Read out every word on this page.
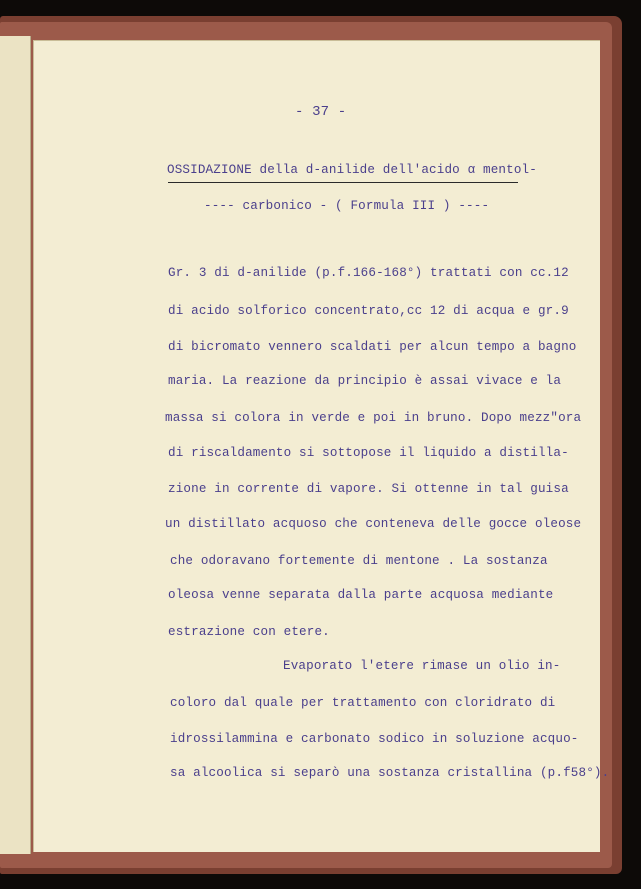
- 37 -
OSSIDAZIONE della d-anilide dell'acido α mentol-
---- carbonico - ( Formula III ) ----
Gr. 3 di d-anilide (p.f.166-168°) trattati con cc.12
di acido solforico concentrato,cc 12 di acqua e gr.9
di bicromato vennero scaldati per alcun tempo a bagno
maria. La reazione da principio è assai vivace e la
massa si colora in verde e poi in bruno. Dopo mezz"ora
di riscaldamento si sottopose il liquido a distilla-
zione in corrente di vapore. Si ottenne in tal guisa
un distillato acquoso che conteneva delle gocce oleose
che odoravano fortemente di mentone . La sostanza
oleosa venne separata dalla parte acquosa mediante
estrazione con etere.
Evaporato l'etere rimase un olio in-
coloro dal quale per trattamento con cloridrato di
idrossilammina e carbonato sodico in soluzione acquo-
sa alcoolica si separò una sostanza cristallina (p.f58°).
